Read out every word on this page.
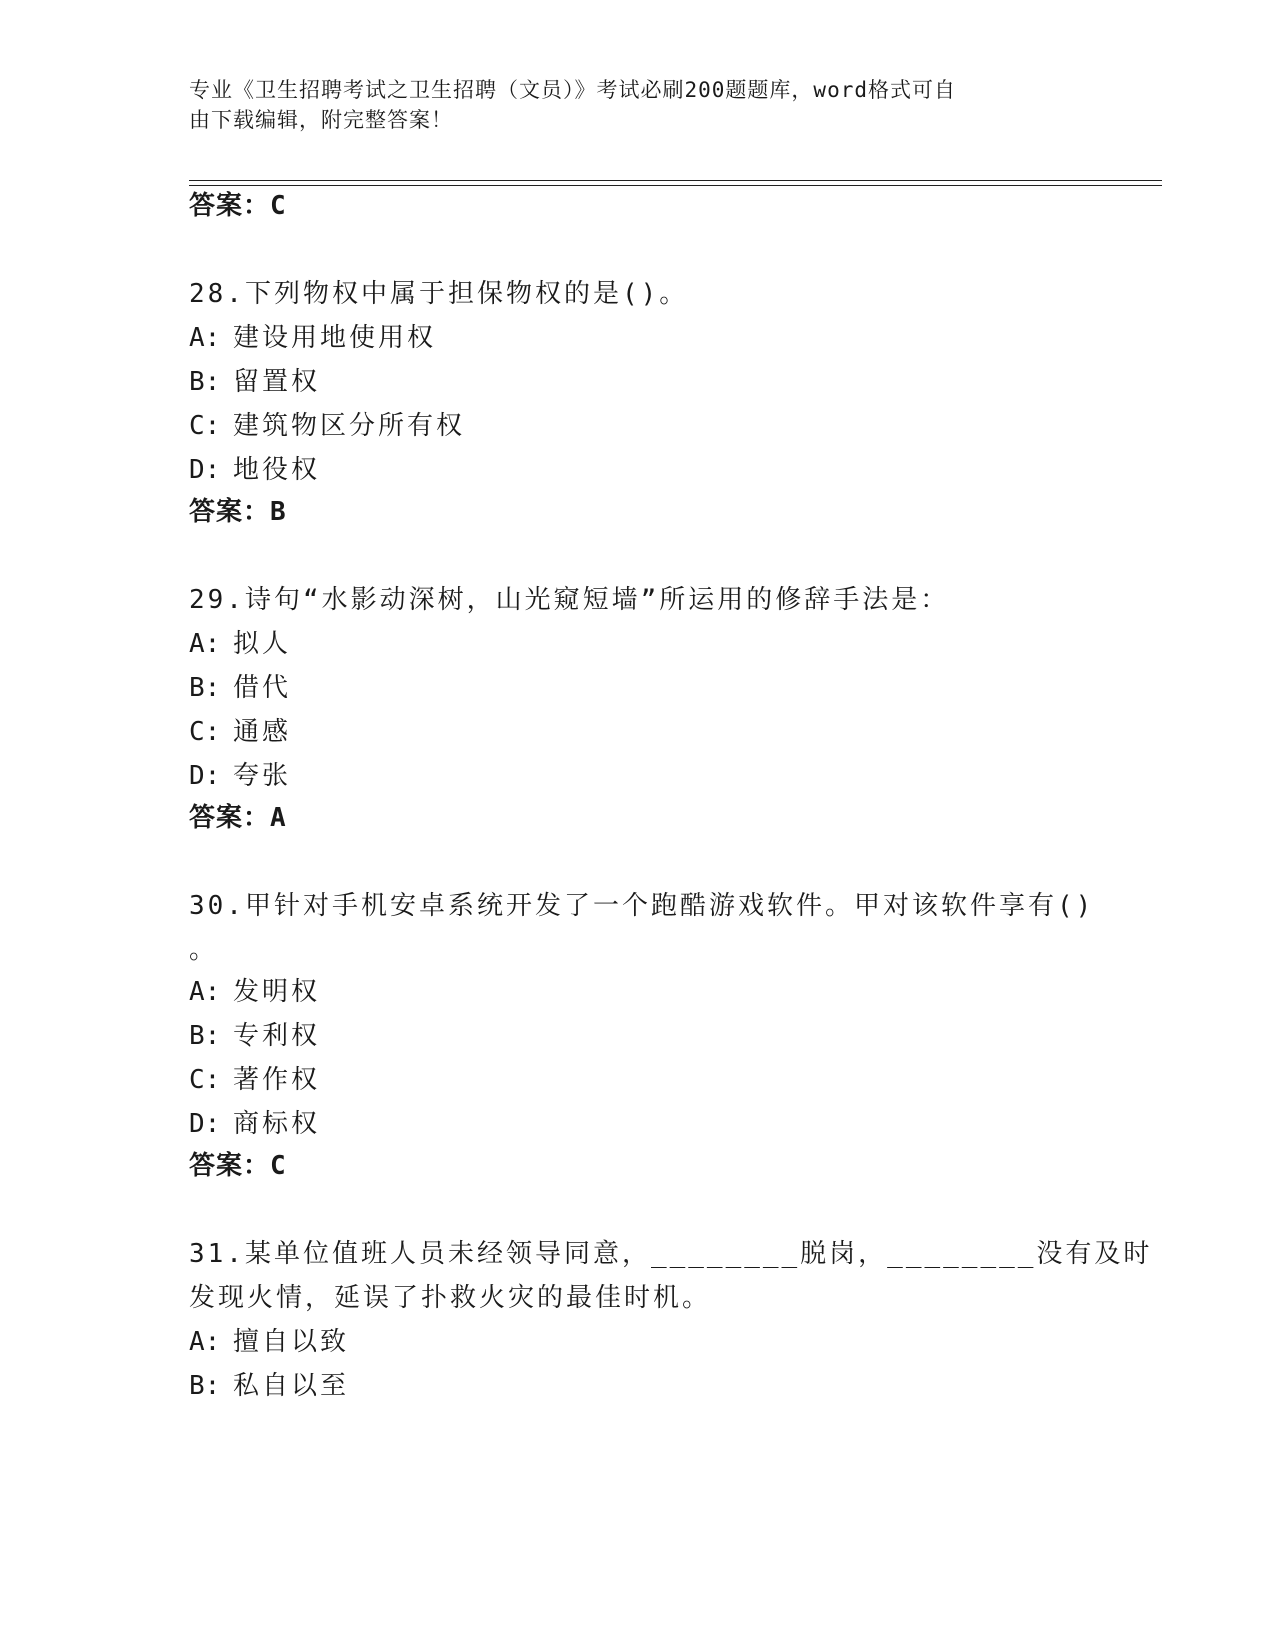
专业《卫生招聘考试之卫生招聘（文员）》考试必刷200题题库，word格式可自
由下载编辑，附完整答案！
答案：C
28.下列物权中属于担保物权的是()。
A: 建设用地使用权
B: 留置权
C: 建筑物区分所有权
D: 地役权
答案：B
29.诗句“水影动深树，山光窥短墙”所运用的修辞手法是：
A: 拟人
B: 借代
C: 通感
D: 夸张
答案：A
30.甲针对手机安卓系统开发了一个跑酷游戏软件。甲对该软件享有()
。
A: 发明权
B: 专利权
C: 著作权
D: 商标权
答案：C
31.某单位值班人员未经领导同意，________脱岗，________没有及时
发现火情，延误了扑救火灾的最佳时机。
A: 擅自以致
B: 私自以至
